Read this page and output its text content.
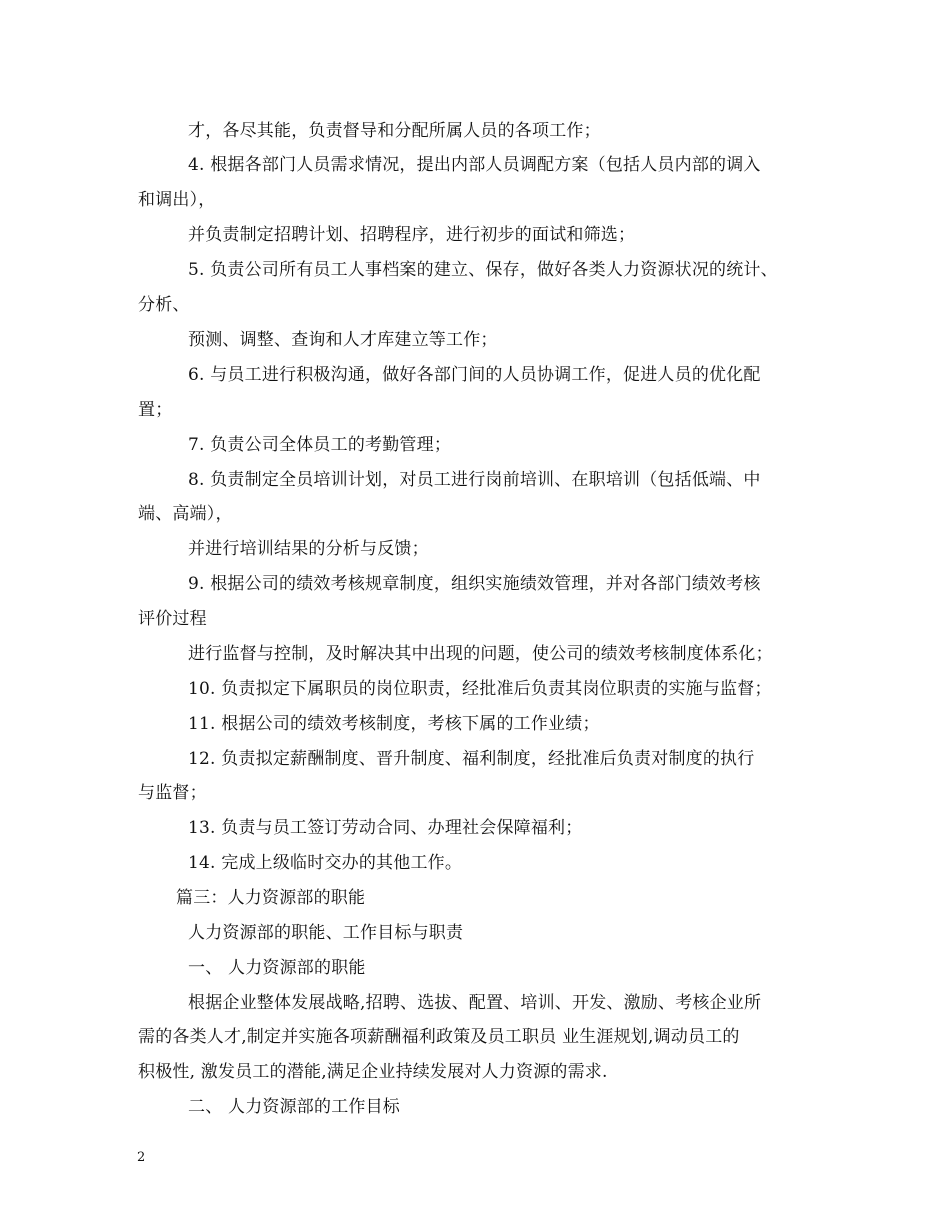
才，各尽其能，负责督导和分配所属人员的各项工作；
4. 根据各部门人员需求情况，提出内部人员调配方案（包括人员内部的调入
和调出），
并负责制定招聘计划、招聘程序，进行初步的面试和筛选；
5. 负责公司所有员工人事档案的建立、保存，做好各类人力资源状况的统计、
分析、
预测、调整、查询和人才库建立等工作；
6. 与员工进行积极沟通，做好各部门间的人员协调工作，促进人员的优化配
置；
7. 负责公司全体员工的考勤管理；
8. 负责制定全员培训计划，对员工进行岗前培训、在职培训（包括低端、中
端、高端），
并进行培训结果的分析与反馈；
9. 根据公司的绩效考核规章制度，组织实施绩效管理，并对各部门绩效考核
评价过程
进行监督与控制，及时解决其中出现的问题，使公司的绩效考核制度体系化；
10. 负责拟定下属职员的岗位职责，经批准后负责其岗位职责的实施与监督；
11. 根据公司的绩效考核制度，考核下属的工作业绩；
12. 负责拟定薪酬制度、晋升制度、福利制度，经批准后负责对制度的执行
与监督；
13. 负责与员工签订劳动合同、办理社会保障福利；
14. 完成上级临时交办的其他工作。
篇三：人力资源部的职能
人力资源部的职能、工作目标与职责
一、 人力资源部的职能
根据企业整体发展战略,招聘、选拔、配置、培训、开发、激励、考核企业所
需的各类人才,制定并实施各项薪酬福利政策及员工职员 业生涯规划,调动员工的
积极性, 激发员工的潜能,满足企业持续发展对人力资源的需求.
二、 人力资源部的工作目标
2
